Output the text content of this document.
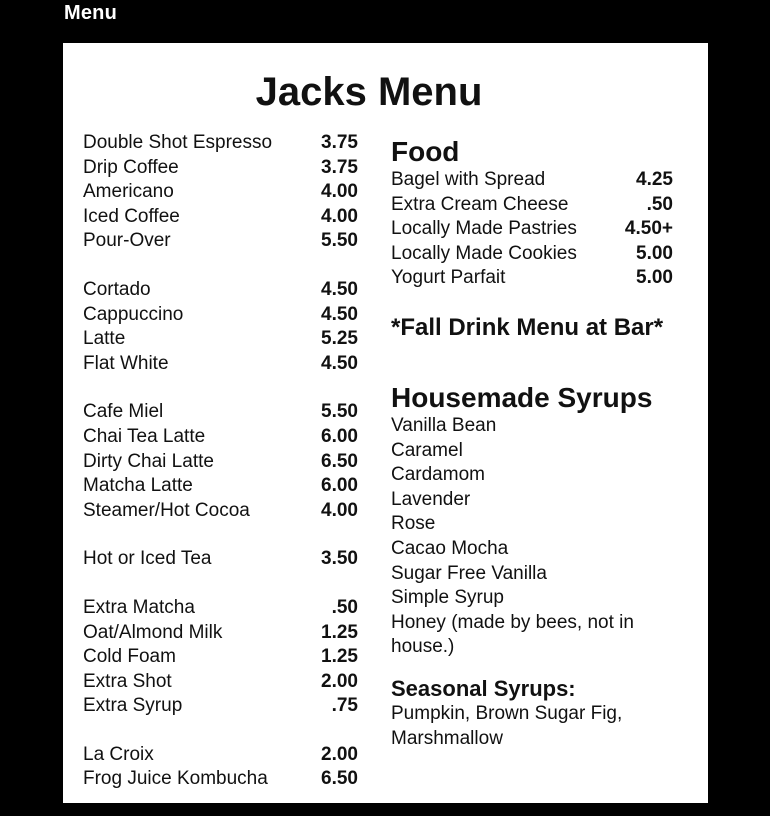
Menu
Jacks Menu
Double Shot Espresso	3.75
Drip Coffee	3.75
Americano	4.00
Iced Coffee	4.00
Pour-Over	5.50
Cortado	4.50
Cappuccino	4.50
Latte	5.25
Flat White	4.50
Cafe Miel	5.50
Chai Tea Latte	6.00
Dirty Chai Latte	6.50
Matcha Latte	6.00
Steamer/Hot Cocoa	4.00
Hot or Iced Tea	3.50
Extra Matcha	.50
Oat/Almond Milk	1.25
Cold Foam	1.25
Extra Shot	2.00
Extra Syrup	.75
La Croix	2.00
Frog Juice Kombucha	6.50
Food
Bagel with Spread	4.25
Extra Cream Cheese	.50
Locally Made Pastries	4.50+
Locally Made Cookies	5.00
Yogurt Parfait	5.00
*Fall Drink Menu at Bar*
Housemade Syrups
Vanilla Bean
Caramel
Cardamom
Lavender
Rose
Cacao Mocha
Sugar Free Vanilla
Simple Syrup
Honey (made by bees, not in house.)
Seasonal Syrups:
Pumpkin, Brown Sugar Fig, Marshmallow
